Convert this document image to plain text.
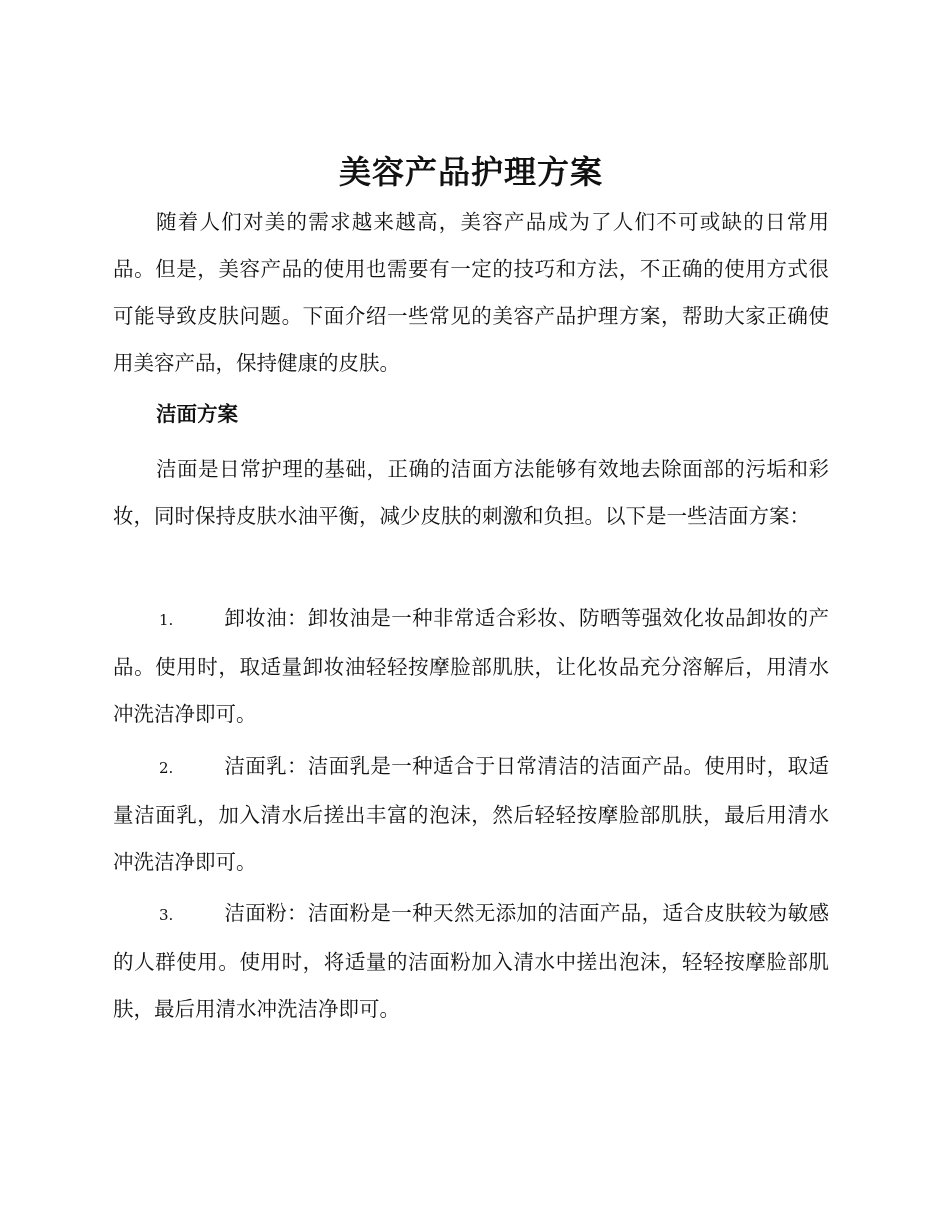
美容产品护理方案

随着人们对美的需求越来越高，美容产品成为了人们不可或缺的日常用品。但是，美容产品的使用也需要有一定的技巧和方法，不正确的使用方式很可能导致皮肤问题。下面介绍一些常见的美容产品护理方案，帮助大家正确使用美容产品，保持健康的皮肤。

洁面方案

洁面是日常护理的基础，正确的洁面方法能够有效地去除面部的污垢和彩妆，同时保持皮肤水油平衡，减少皮肤的刺激和负担。以下是一些洁面方案：

1. 卸妆油：卸妆油是一种非常适合彩妆、防晒等强效化妆品卸妆的产品。使用时，取适量卸妆油轻轻按摩脸部肌肤，让化妆品充分溶解后，用清水冲洗洁净即可。

2. 洁面乳：洁面乳是一种适合于日常清洁的洁面产品。使用时，取适量洁面乳，加入清水后搓出丰富的泡沫，然后轻轻按摩脸部肌肤，最后用清水冲洗洁净即可。

3. 洁面粉：洁面粉是一种天然无添加的洁面产品，适合皮肤较为敏感的人群使用。使用时，将适量的洁面粉加入清水中搓出泡沫，轻轻按摩脸部肌肤，最后用清水冲洗洁净即可。
